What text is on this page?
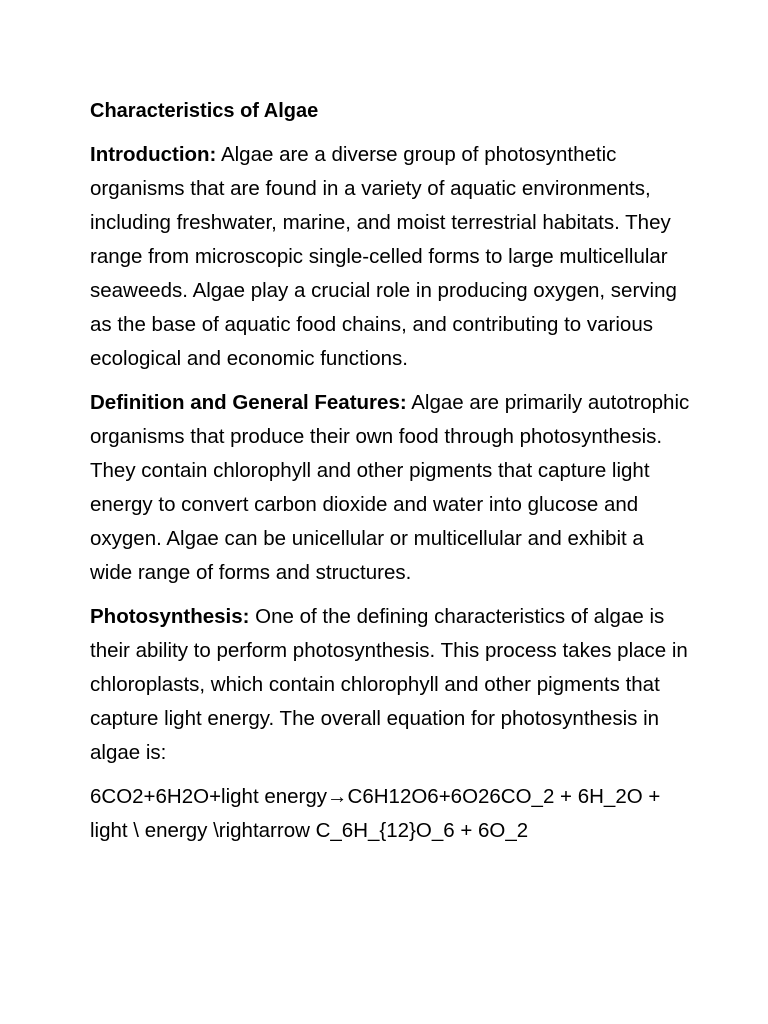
Characteristics of Algae

Introduction: Algae are a diverse group of photosynthetic organisms that are found in a variety of aquatic environments, including freshwater, marine, and moist terrestrial habitats. They range from microscopic single-celled forms to large multicellular seaweeds. Algae play a crucial role in producing oxygen, serving as the base of aquatic food chains, and contributing to various ecological and economic functions.

Definition and General Features: Algae are primarily autotrophic organisms that produce their own food through photosynthesis. They contain chlorophyll and other pigments that capture light energy to convert carbon dioxide and water into glucose and oxygen. Algae can be unicellular or multicellular and exhibit a wide range of forms and structures.

Photosynthesis: One of the defining characteristics of algae is their ability to perform photosynthesis. This process takes place in chloroplasts, which contain chlorophyll and other pigments that capture light energy. The overall equation for photosynthesis in algae is:

6CO2+6H2O+light energy→C6H12O6+6O26CO_2 + 6H_2O + light \ energy \rightarrow C_6H_{12}O_6 + 6O_2
